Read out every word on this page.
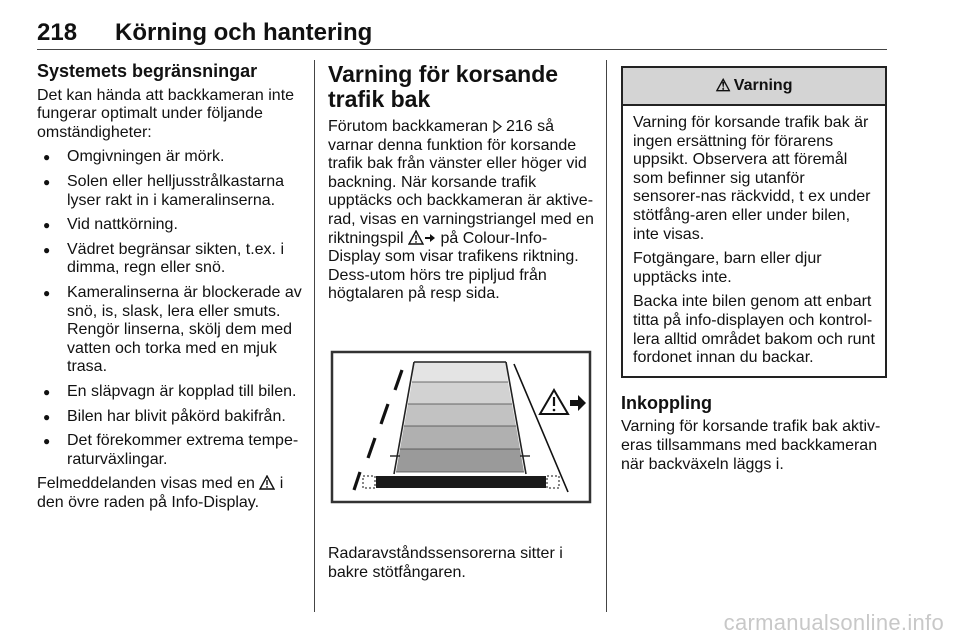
218 Körning och hantering
Systemets begränsningar

Det kan hända att backkameran inte fungerar optimalt under följande omständigheter:

● Omgivningen är mörk.
● Solen eller helljusstrålkastarna lyser rakt in i kameralinserna.
● Vid nattkörning.
● Vädret begränsar sikten, t.ex. i dimma, regn eller snö.
● Kameralinserna är blockerade av snö, is, slask, lera eller smuts. Rengör linserna, skölj dem med vatten och torka med en mjuk trasa.
● En släpvagn är kopplad till bilen.
● Bilen har blivit påkörd bakifrån.
● Det förekommer extrema tempe-raturväxlingar.

Felmeddelanden visas med en  i den övre raden på Info-Display.

Varning för korsande trafik bak

Förutom backkameran  216 så varnar denna funktion för korsande trafik bak från vänster eller höger vid backning. När korsande trafik upptäcks och backkameran är aktive-rad, visas en varningstriangel med en riktningspil  på Colour-Info-Display som visar trafikens riktning. Dess-utom hörs tre pipljud från högtalaren på resp sida.

Radaravståndssensorerna sitter i bakre stötfångaren.

⚠ Varning

Varning för korsande trafik bak är ingen ersättning för förarens uppsikt. Observera att föremål som befinner sig utanför sensorer-nas räckvidd, t ex under stötfång-aren eller under bilen, inte visas.

Fotgängare, barn eller djur upptäcks inte.

Backa inte bilen genom att enbart titta på info-displayen och kontrol-lera alltid området bakom och runt fordonet innan du backar.

Inkoppling

Varning för korsande trafik bak aktiv-eras tillsammans med backkameran när backväxeln läggs i.

carmanualsonline.info
